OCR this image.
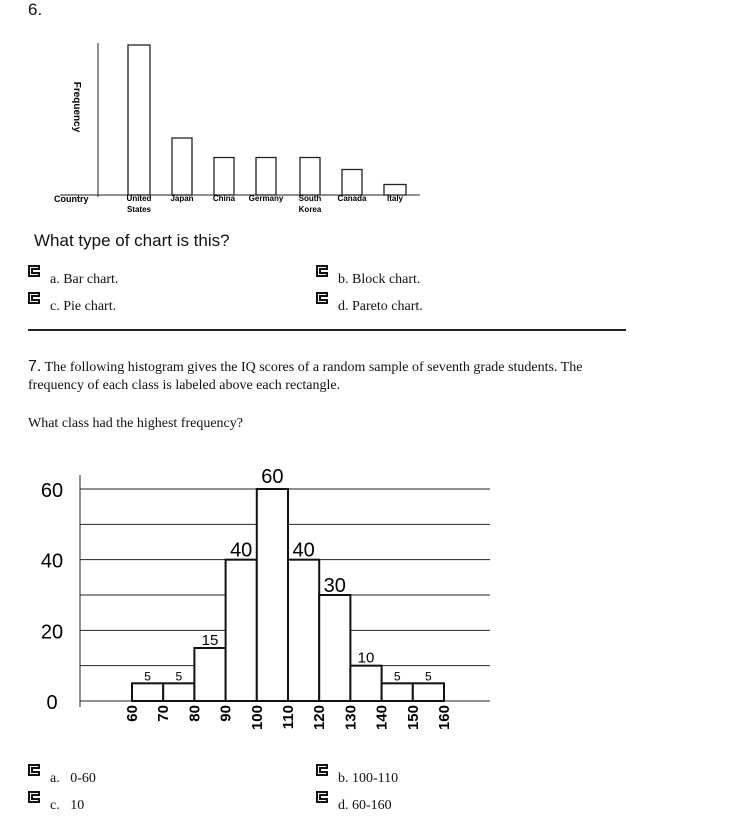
6.
Frequency
Country	United
States
Japan China Germany South
Korea
Canada	Italy
What type of chart is this?
a. Bar chart.	b. Block chart.
c. Pie chart.	d. Pareto chart.
7. The following histogram gives the IQ scores of a random sample of seventh grade students. The frequency of each class is labeled above each rectangle.
What class had the highest frequency?
0
20
40
60
5 5
15
40
60
40
30
10
5 5
60 70 80 90 100 110 120 130 140 150 160
a. 0-60	b. 100-110
c. 10	d. 60-160
